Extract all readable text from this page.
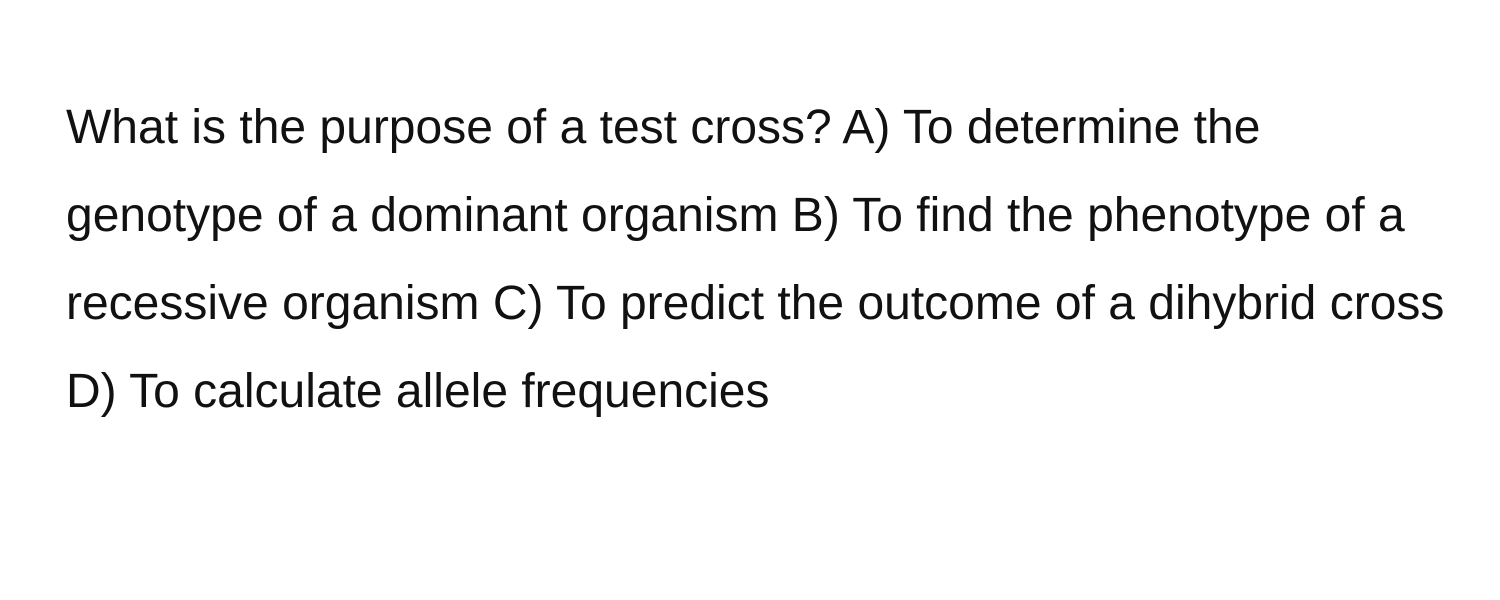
What is the purpose of a test cross? A) To determine the genotype of a dominant organism B) To find the phenotype of a recessive organism C) To predict the outcome of a dihybrid cross D) To calculate allele frequencies
